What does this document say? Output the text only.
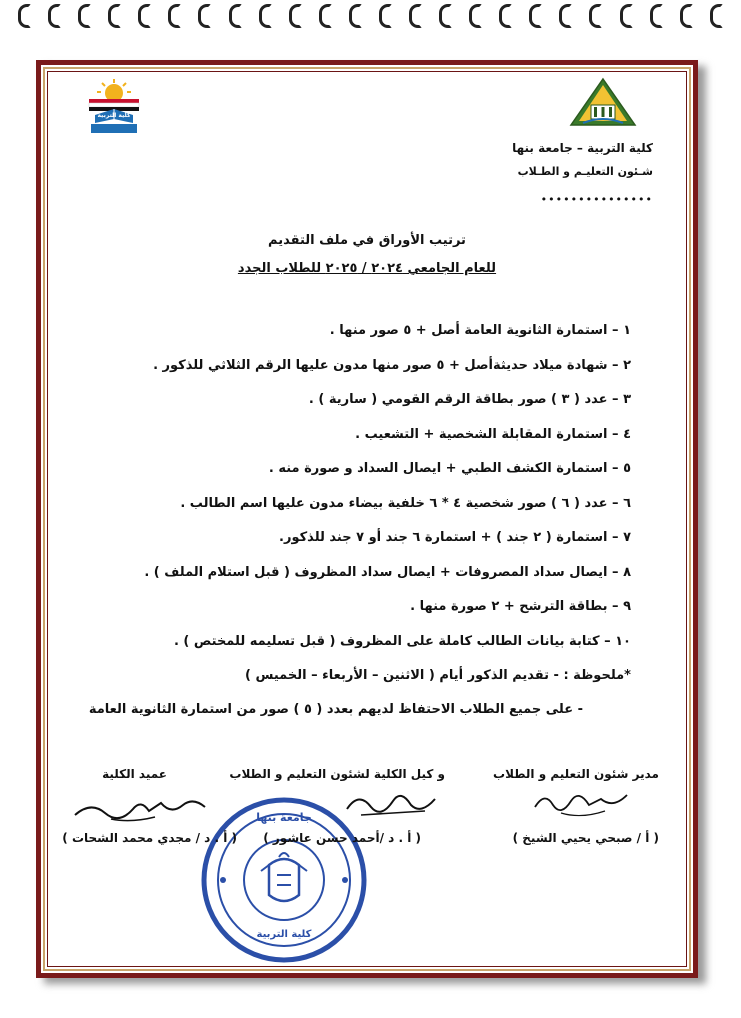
كلية التربية
كلية التربية – جامعة بنها
شـئون التعليـم و الطـلاب
•••••••••••••••
ترتيب الأوراق في ملف التقديم
للعام الجامعي ٢٠٢٤ / ٢٠٢٥ للطلاب الجدد
١ – استمارة الثانوية العامة أصل + ٥ صور منها .
٢ – شهادة ميلاد حديثةأصل + ٥ صور منها مدون عليها الرقم الثلاثي للذكور .
٣ – عدد ( ٣ ) صور بطاقة الرقم القومي ( سارية ) .
٤ – استمارة المقابلة الشخصية + التشعيب .
٥ – استمارة الكشف الطبي + ايصال السداد و صورة منه .
٦ – عدد ( ٦ ) صور شخصية ٤ * ٦ خلفية بيضاء مدون عليها اسم الطالب .
٧ – استمارة ( ٢ جند ) + استمارة ٦ جند أو ٧ جند للذكور.
٨ – ايصال سداد المصروفات + ايصال سداد المظروف ( قبل استلام الملف ) .
٩ – بطاقة الترشح + ٢ صورة منها .
١٠ – كتابة بيانات الطالب كاملة على المظروف ( قبل تسليمه للمختص ) .
*ملحوظة : - تقديم الذكور أيام ( الاثنين – الأربعاء – الخميس )
- على جميع الطلاب الاحتفاظ لديهم بعدد ( ٥ ) صور من استمارة الثانوية العامة
مدير شئون التعليم و الطلاب
و كيل الكلية لشئون التعليم و الطلاب
عميد الكلية
جامعة بنها
كلية التربية
( أ / صبحي يحيي الشيخ )
( أ . د /أحمد حسن عاشور )
( أ . د / مجدي محمد الشحات )
